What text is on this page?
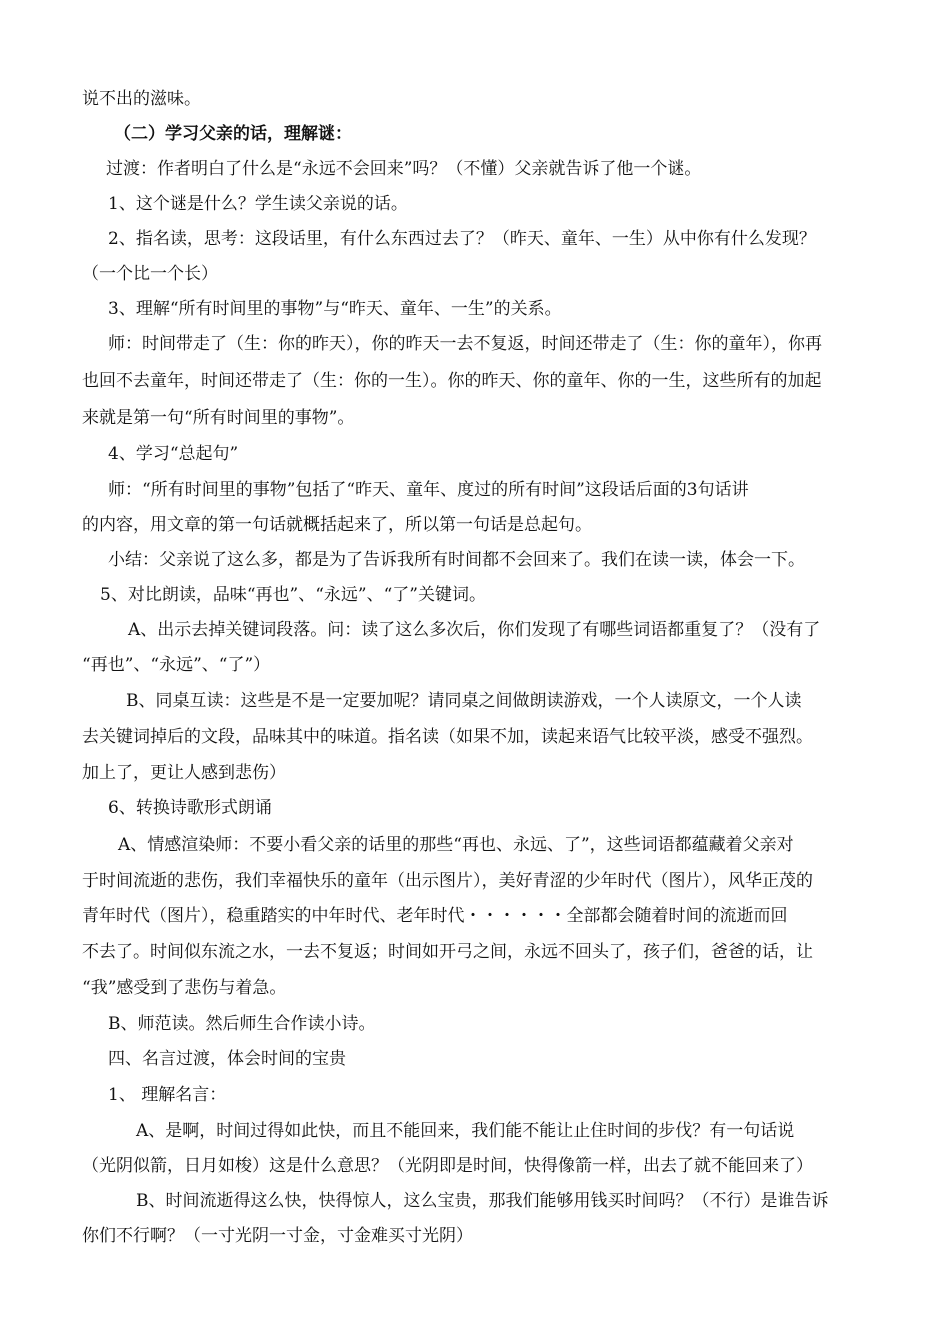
说不出的滋味。
（二）学习父亲的话，理解谜：
过渡：作者明白了什么是“永远不会回来”吗？（不懂）父亲就告诉了他一个谜。
1、这个谜是什么？学生读父亲说的话。
2、指名读，思考：这段话里，有什么东西过去了？（昨天、童年、一生）从中你有什么发现？
（一个比一个长）
3、理解“所有时间里的事物”与“昨天、童年、一生”的关系。
师：时间带走了（生：你的昨天），你的昨天一去不复返，时间还带走了（生：你的童年），你再
也回不去童年，时间还带走了（生：你的一生）。你的昨天、你的童年、你的一生，这些所有的加起
来就是第一句“所有时间里的事物”。
4、学习“总起句”
师：“所有时间里的事物”包括了“昨天、童年、度过的所有时间”这段话后面的3句话讲
的内容，用文章的第一句话就概括起来了，所以第一句话是总起句。
小结：父亲说了这么多，都是为了告诉我所有时间都不会回来了。我们在读一读，体会一下。
5、对比朗读，品味“再也”、“永远”、“了”关键词。
A、出示去掉关键词段落。问：读了这么多次后，你们发现了有哪些词语都重复了？（没有了
“再也”、“永远”、“了”）
B、同桌互读：这些是不是一定要加呢？请同桌之间做朗读游戏，一个人读原文，一个人读
去关键词掉后的文段，品味其中的味道。指名读（如果不加，读起来语气比较平淡，感受不强烈。
加上了，更让人感到悲伤）
6、转换诗歌形式朗诵
A、情感渲染师：不要小看父亲的话里的那些“再也、永远、了”，这些词语都蕴藏着父亲对
于时间流逝的悲伤，我们幸福快乐的童年（出示图片），美好青涩的少年时代（图片），风华正茂的
青年时代（图片），稳重踏实的中年时代、老年时代・・・・・・全部都会随着时间的流逝而回
不去了。时间似东流之水，一去不复返；时间如开弓之间，永远不回头了，孩子们，爸爸的话，让
“我”感受到了悲伤与着急。
B、师范读。然后师生合作读小诗。
四、名言过渡，体会时间的宝贵
1、 理解名言：
A、是啊，时间过得如此快，而且不能回来，我们能不能让止住时间的步伐？有一句话说
（光阴似箭，日月如梭）这是什么意思？（光阴即是时间，快得像箭一样，出去了就不能回来了）
B、时间流逝得这么快，快得惊人，这么宝贵，那我们能够用钱买时间吗？（不行）是谁告诉
你们不行啊？（一寸光阴一寸金，寸金难买寸光阴）
